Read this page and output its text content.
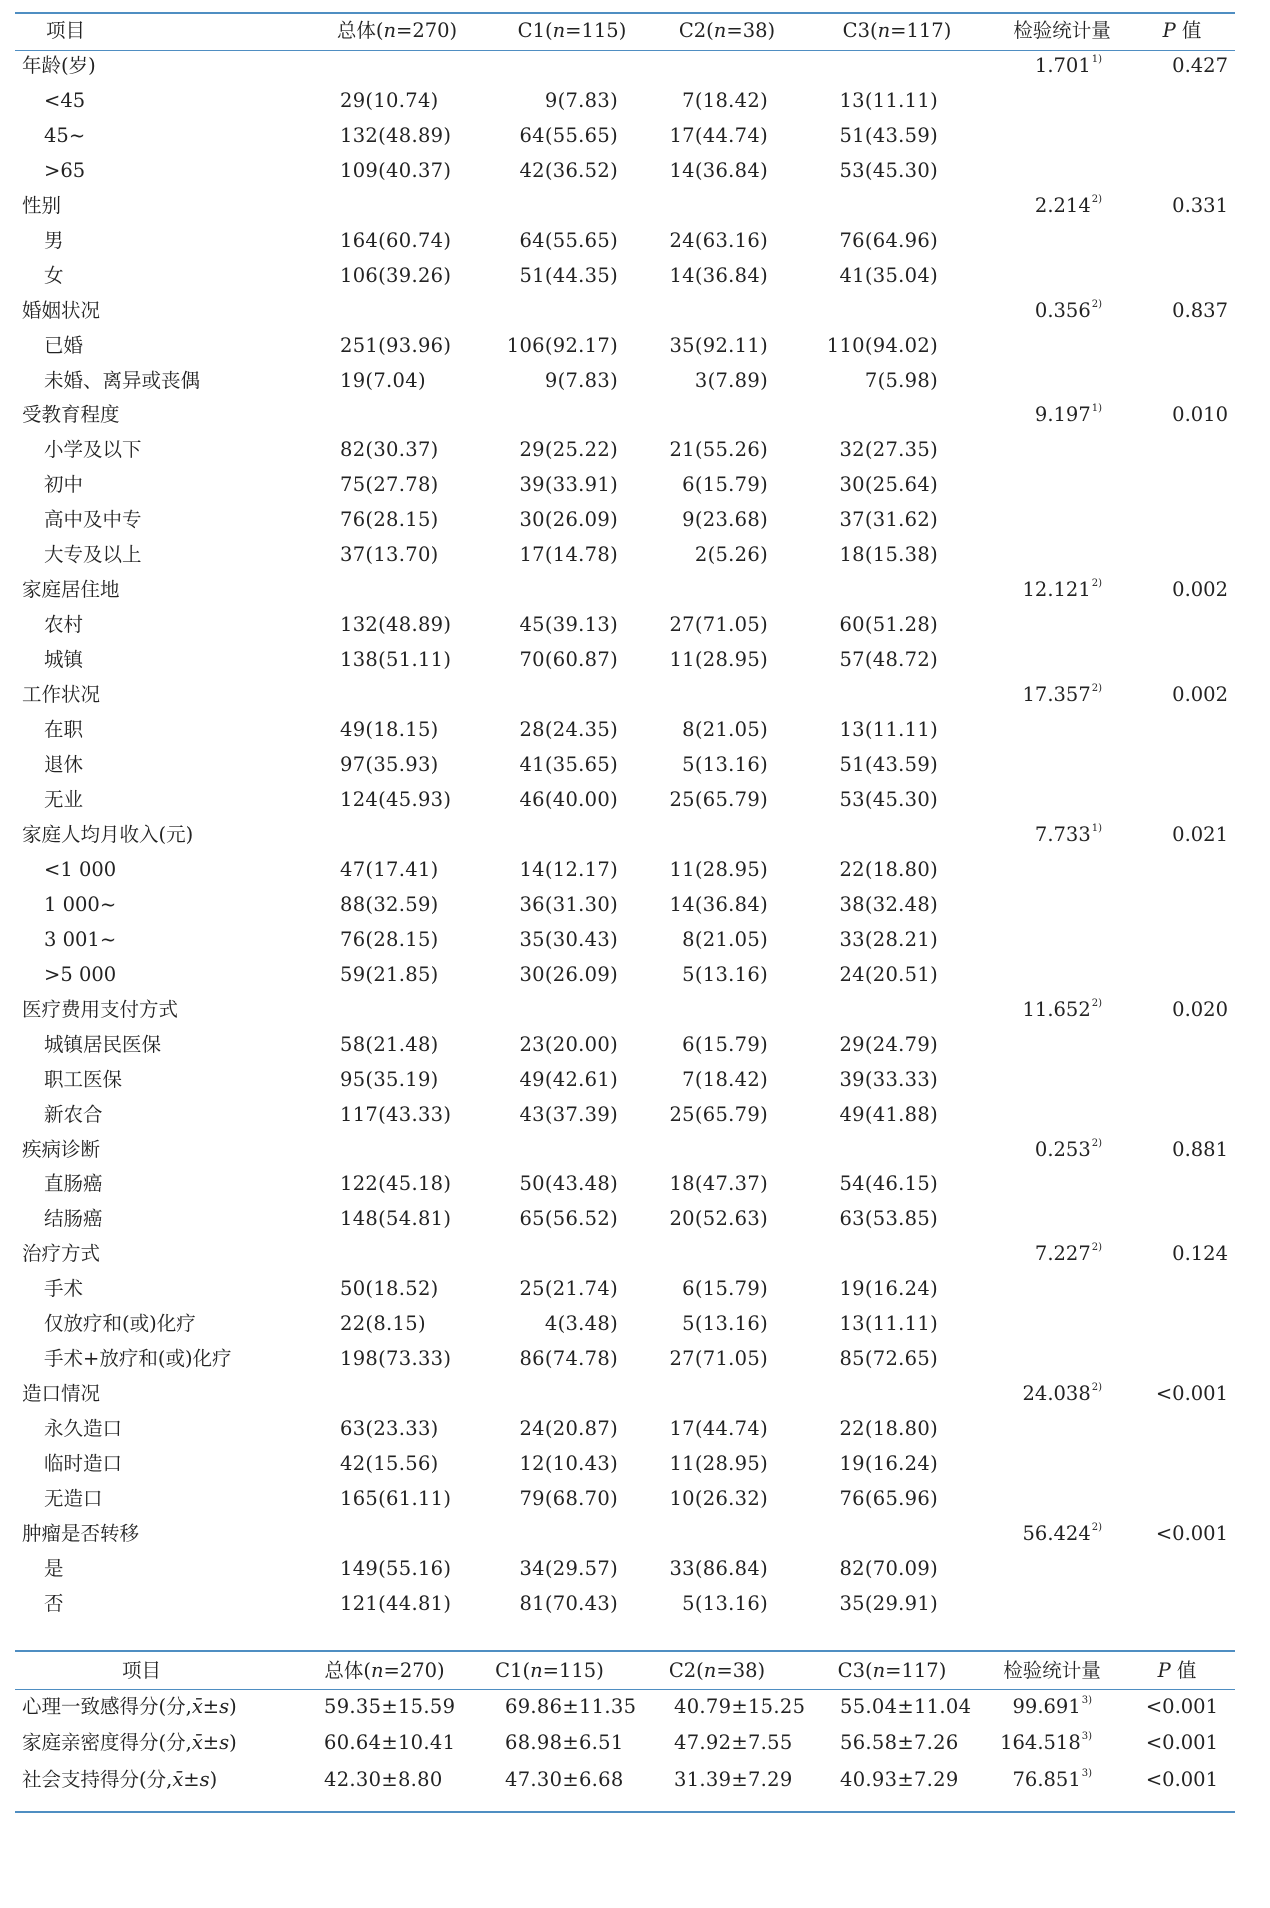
项目	总体(n=270)	C1(n=115)	C2(n=38)	C3(n=117)	检验统计量	P 值
年龄(岁)					1.701$^{1)}$	0.427
<45	29(10.74)	9(7.83)	7(18.42)	13(11.11)		
45~	132(48.89)	64(55.65)	17(44.74)	51(43.59)		
>65	109(40.37)	42(36.52)	14(36.84)	53(45.30)		
性别					2.214$^{2)}$	0.331
男	164(60.74)	64(55.65)	24(63.16)	76(64.96)		
女	106(39.26)	51(44.35)	14(36.84)	41(35.04)		
婚姻状况					0.356$^{2)}$	0.837
已婚	251(93.96)	106(92.17)	35(92.11)	110(94.02)		
未婚、离异或丧偶	19(7.04)	9(7.83)	3(7.89)	7(5.98)		
受教育程度					9.197$^{1)}$	0.010
小学及以下	82(30.37)	29(25.22)	21(55.26)	32(27.35)		
初中	75(27.78)	39(33.91)	6(15.79)	30(25.64)		
高中及中专	76(28.15)	30(26.09)	9(23.68)	37(31.62)		
大专及以上	37(13.70)	17(14.78)	2(5.26)	18(15.38)		
家庭居住地					12.121$^{2)}$	0.002
农村	132(48.89)	45(39.13)	27(71.05)	60(51.28)		
城镇	138(51.11)	70(60.87)	11(28.95)	57(48.72)		
工作状况					17.357$^{2)}$	0.002
在职	49(18.15)	28(24.35)	8(21.05)	13(11.11)		
退休	97(35.93)	41(35.65)	5(13.16)	51(43.59)		
无业	124(45.93)	46(40.00)	25(65.79)	53(45.30)		
家庭人均月收入(元)					7.733$^{1)}$	0.021
<1 000	47(17.41)	14(12.17)	11(28.95)	22(18.80)		
1 000~	88(32.59)	36(31.30)	14(36.84)	38(32.48)		
3 001~	76(28.15)	35(30.43)	8(21.05)	33(28.21)		
>5 000	59(21.85)	30(26.09)	5(13.16)	24(20.51)		
医疗费用支付方式					11.652$^{2)}$	0.020
城镇居民医保	58(21.48)	23(20.00)	6(15.79)	29(24.79)		
职工医保	95(35.19)	49(42.61)	7(18.42)	39(33.33)		
新农合	117(43.33)	43(37.39)	25(65.79)	49(41.88)		
疾病诊断					0.253$^{2)}$	0.881
直肠癌	122(45.18)	50(43.48)	18(47.37)	54(46.15)		
结肠癌	148(54.81)	65(56.52)	20(52.63)	63(53.85)		
治疗方式					7.227$^{2)}$	0.124
手术	50(18.52)	25(21.74)	6(15.79)	19(16.24)		
仅放疗和(或)化疗	22(8.15)	4(3.48)	5(13.16)	13(11.11)		
手术+放疗和(或)化疗	198(73.33)	86(74.78)	27(71.05)	85(72.65)		
造口情况					$24.038^{2)}$	<0.001
永久造口	63(23.33)	24(20.87)	17(44.74)	22(18.80)		
临时造口	42(15.56)	12(10.43)	11(28.95)	19(16.24)		
无造口	165(61.11)	79(68.70)	10(26.32)	76(65.96)		
肿瘤是否转移					$56.424^{2)}$	<0.001
是	149(55.16)	34(29.57)	33(86.84)	82(70.09)		
否	121(44.81)	81(70.43)	5(13.16)	35(29.91)		
项目	总体(n=270)	C1(n=115)	C2(n=38)	C3(n=117)	检验统计量	P 值
心理一致感得分(分,x̄±s)	59.35±15.59	69.86±11.35	40.79±15.25	55.04±11.04	$99.691^{3)}$	<0.001
家庭亲密度得分(分,x̄±s)	60.64±10.41	68.98±6.51	47.92±7.55	56.58±7.26	$164.518^{3)}$	<0.001
社会支持得分(分,x̄±s)	42.30±8.80	47.30±6.68	31.39±7.29	40.93±7.29	$76.851^{3)}$	<0.001
